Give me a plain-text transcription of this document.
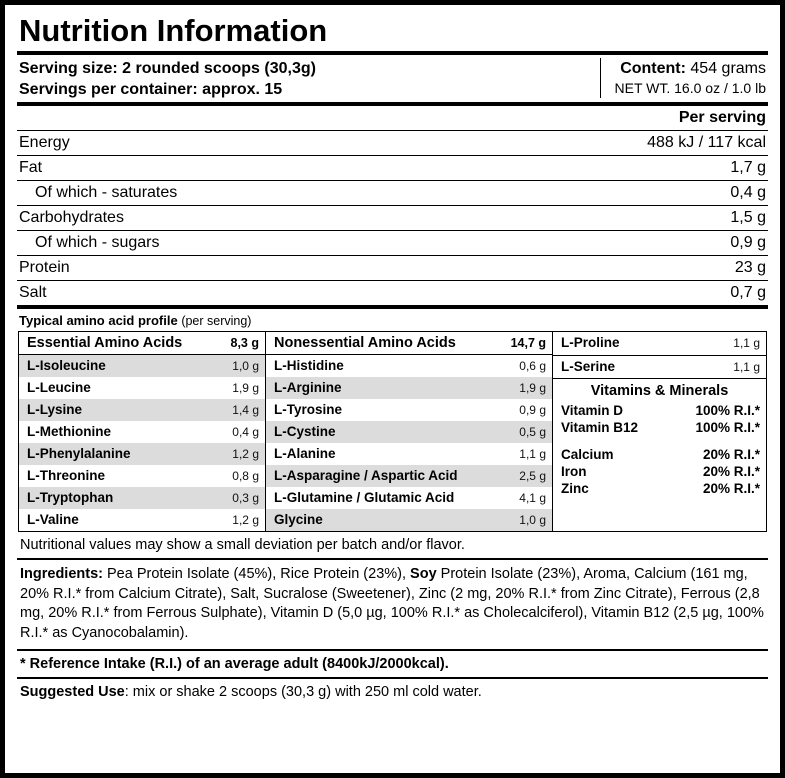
Nutrition Information
Serving size: 2 rounded scoops (30,3g)
Servings per container: approx. 15
Content: 454 grams
NET WT. 16.0 oz / 1.0 lb
	Per serving
Energy	488 kJ / 117 kcal
Fat	1,7 g
Of which - saturates	0,4 g
Carbohydrates	1,5 g
Of which - sugars	0,9 g
Protein	23 g
Salt	0,7 g
Typical amino acid profile (per serving)
Essential Amino Acids	8,3 g
L-Isoleucine	1,0 g
L-Leucine	1,9 g
L-Lysine	1,4 g
L-Methionine	0,4 g
L-Phenylalanine	1,2 g
L-Threonine	0,8 g
L-Tryptophan	0,3 g
L-Valine	1,2 g
Nonessential Amino Acids	14,7 g
L-Histidine	0,6 g
L-Arginine	1,9 g
L-Tyrosine	0,9 g
L-Cystine	0,5 g
L-Alanine	1,1 g
L-Asparagine / Aspartic Acid	2,5 g
L-Glutamine / Glutamic Acid	4,1 g
Glycine	1,0 g
L-Proline	1,1 g
L-Serine	1,1 g
Vitamins & Minerals
Vitamin D	100% R.I.*
Vitamin B12	100% R.I.*
Calcium	20% R.I.*
Iron	20% R.I.*
Zinc	20% R.I.*
Nutritional values may show a small deviation per batch and/or flavor.
Ingredients: Pea Protein Isolate (45%), Rice Protein (23%), Soy Protein Isolate (23%), Aroma, Calcium (161 mg, 20% R.I.* from Calcium Citrate), Salt, Sucralose (Sweetener), Zinc (2 mg, 20% R.I.* from Zinc Citrate), Ferrous (2,8 mg, 20% R.I.* from Ferrous Sulphate), Vitamin D (5,0 µg, 100% R.I.* as Cholecalciferol), Vitamin B12 (2,5 µg, 100% R.I.* as Cyanocobalamin).
* Reference Intake (R.I.) of an average adult (8400kJ/2000kcal).
Suggested Use: mix or shake 2 scoops (30,3 g) with 250 ml cold water.
